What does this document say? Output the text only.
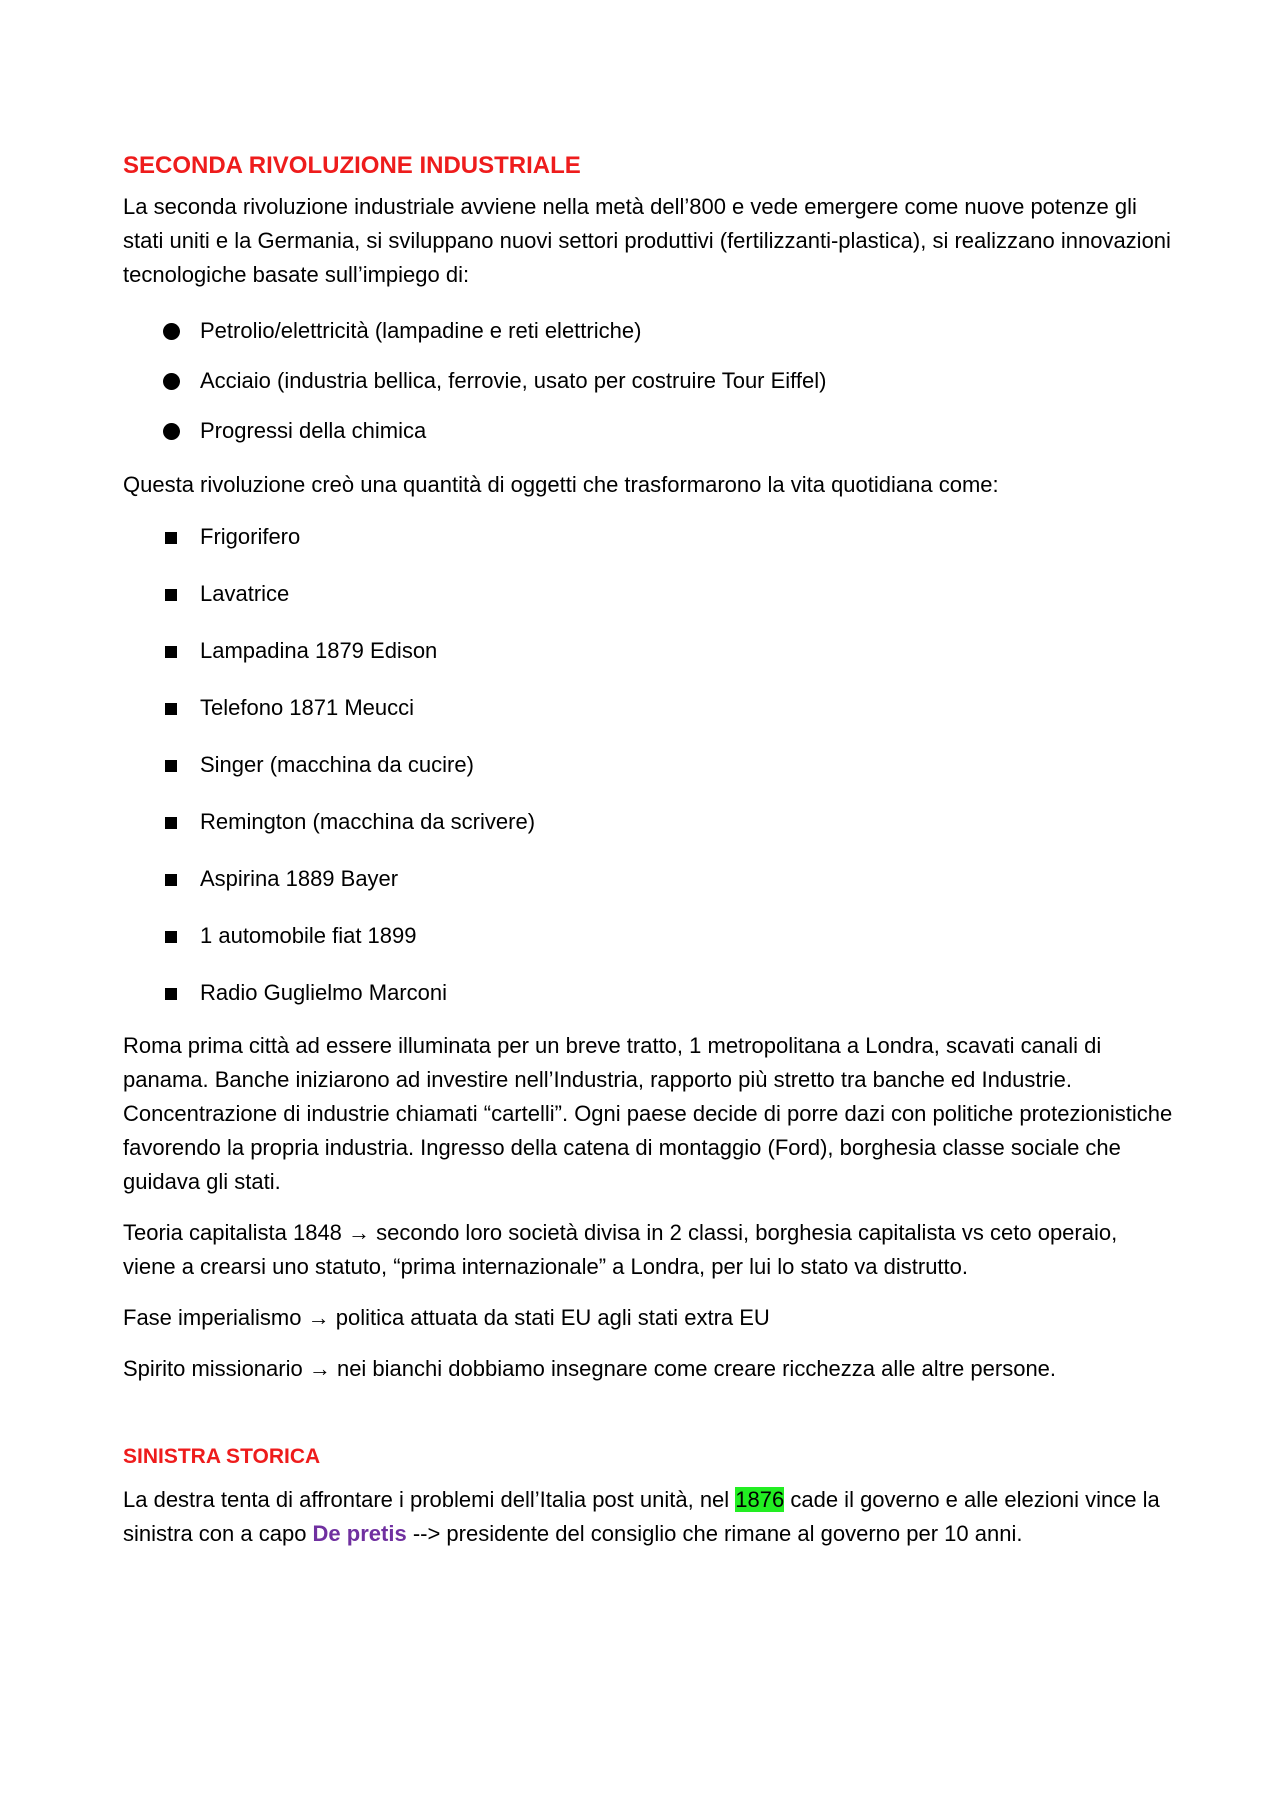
SECONDA RIVOLUZIONE INDUSTRIALE

La seconda rivoluzione industriale avviene nella metà dell’800 e vede emergere come nuove potenze gli stati uniti e la Germania, si sviluppano nuovi settori produttivi (fertilizzanti-plastica), si realizzano innovazioni tecnologiche basate sull’impiego di:

Petrolio/elettricità (lampadine e reti elettriche)
Acciaio (industria bellica, ferrovie, usato per costruire Tour Eiffel)
Progressi della chimica

Questa rivoluzione creò una quantità di oggetti che trasformarono la vita quotidiana come:

Frigorifero
Lavatrice
Lampadina 1879 Edison
Telefono 1871 Meucci
Singer (macchina da cucire)
Remington (macchina da scrivere)
Aspirina 1889 Bayer
1 automobile fiat 1899
Radio Guglielmo Marconi

Roma prima città ad essere illuminata per un breve tratto, 1 metropolitana a Londra, scavati canali di panama. Banche iniziarono ad investire nell’Industria, rapporto più stretto tra banche ed Industrie. Concentrazione di industrie chiamati “cartelli”. Ogni paese decide di porre dazi con politiche protezionistiche favorendo la propria industria. Ingresso della catena di montaggio (Ford), borghesia classe sociale che guidava gli stati.

Teoria capitalista 1848 → secondo loro società divisa in 2 classi, borghesia capitalista vs ceto operaio, viene a crearsi uno statuto, “prima internazionale” a Londra, per lui lo stato va distrutto.

Fase imperialismo → politica attuata da stati EU agli stati extra EU

Spirito missionario → nei bianchi dobbiamo insegnare come creare ricchezza alle altre persone.

SINISTRA STORICA

La destra tenta di affrontare i problemi dell’Italia post unità, nel 1876 cade il governo e alle elezioni vince la sinistra con a capo De pretis --> presidente del consiglio che rimane al governo per 10 anni.
